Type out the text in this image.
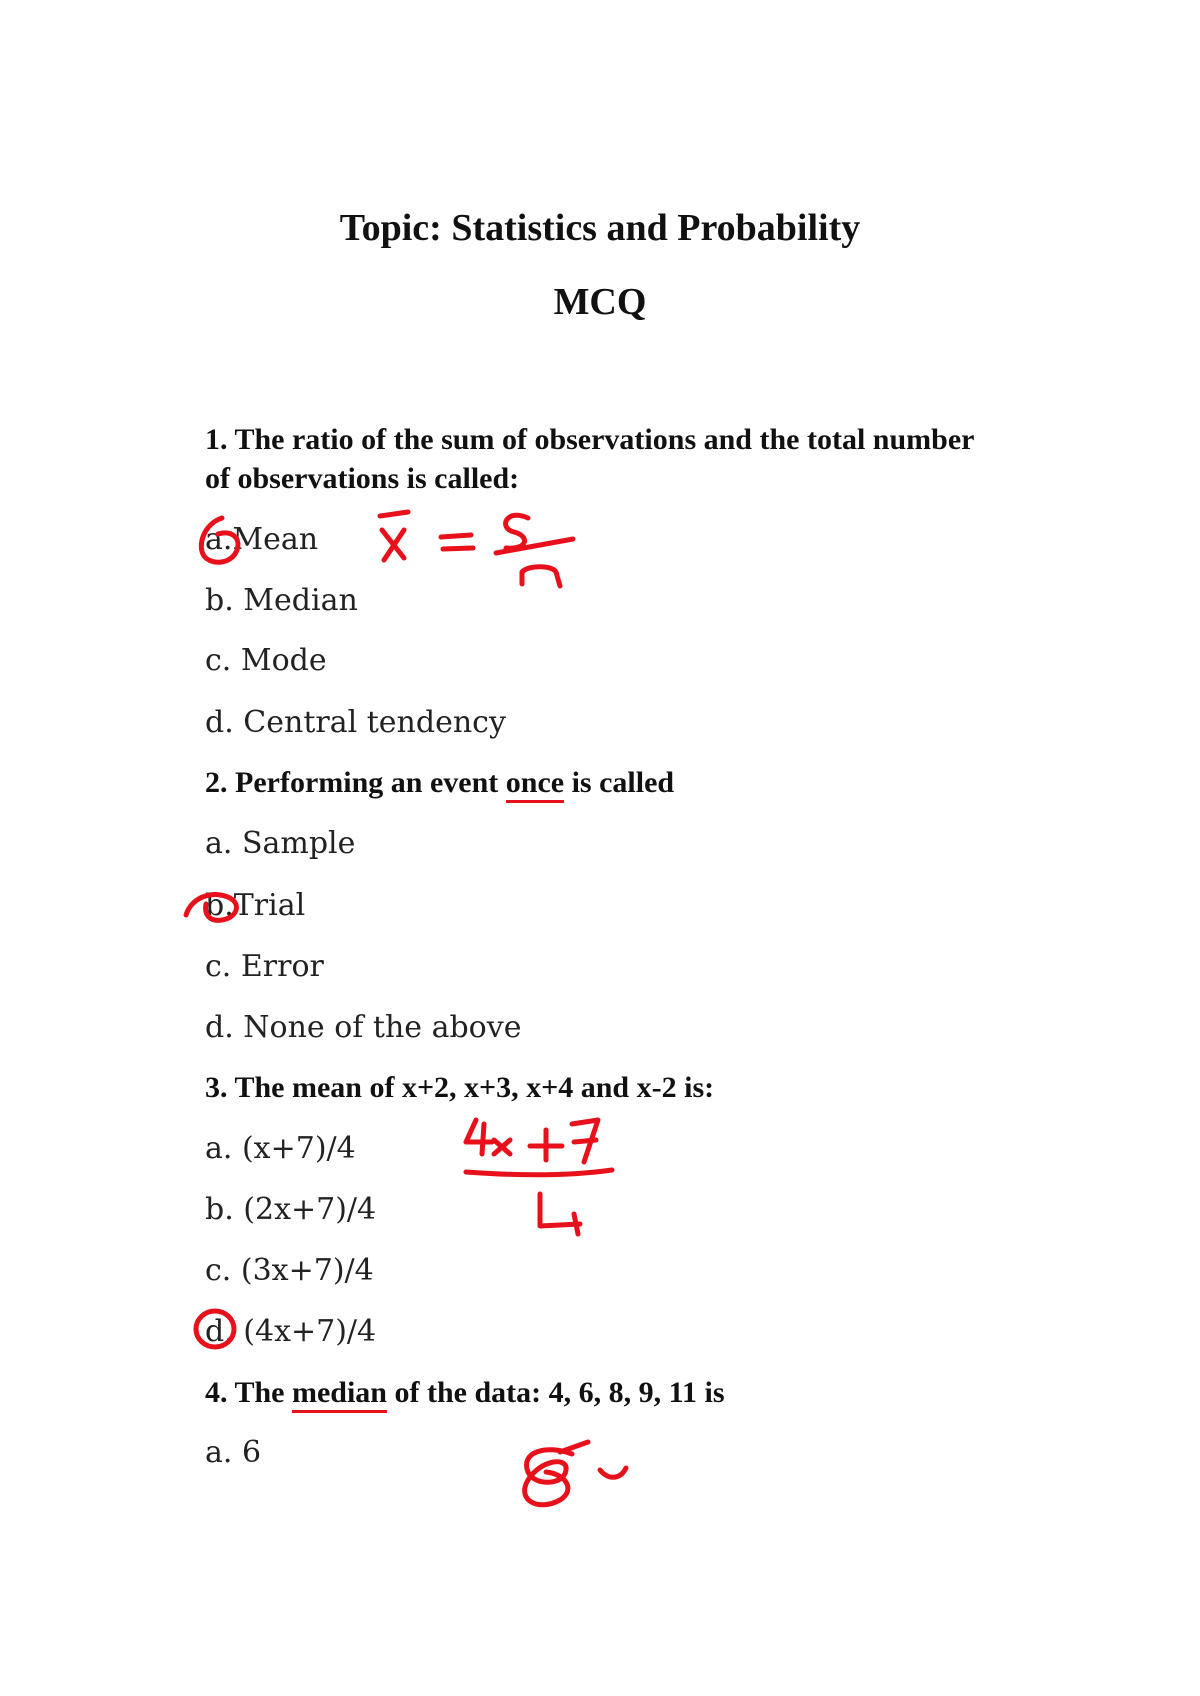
Topic: Statistics and Probability
MCQ

1. The ratio of the sum of observations and the total number of observations is called:

a.Mean

b. Median

c. Mode

d. Central tendency

2. Performing an event once is called

a. Sample

b.Trial

c. Error

d. None of the above

3. The mean of x+2, x+3, x+4 and x-2 is:

a. (x+7)/4

b. (2x+7)/4

c. (3x+7)/4

d. (4x+7)/4

4. The median of the data: 4, 6, 8, 9, 11 is

a. 6
